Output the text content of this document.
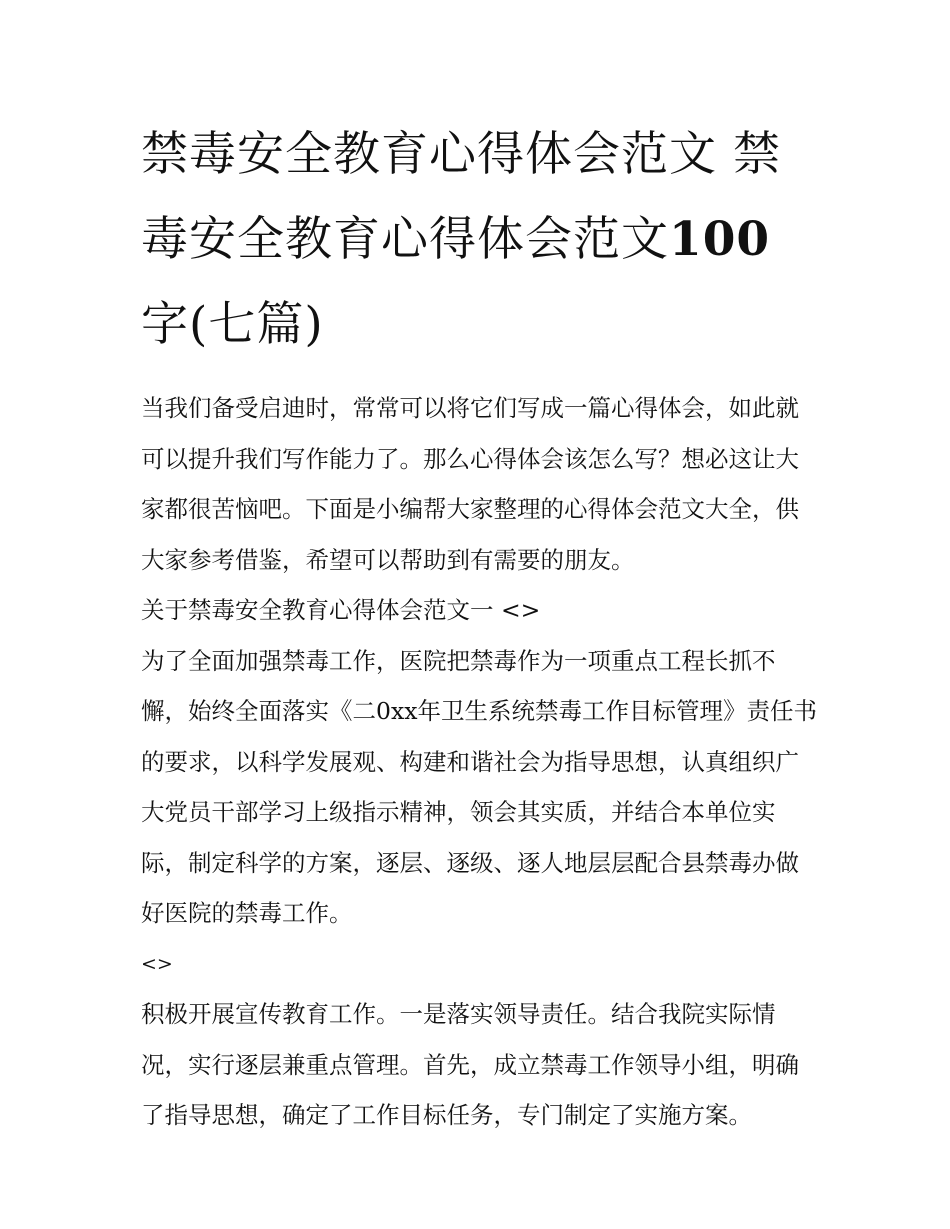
禁毒安全教育心得体会范文 禁
毒安全教育心得体会范文100
字(七篇)

当我们备受启迪时，常常可以将它们写成一篇心得体会，如此就可以提升我们写作能力了。那么心得体会该怎么写？想必这让大家都很苦恼吧。下面是小编帮大家整理的心得体会范文大全，供大家参考借鉴，希望可以帮助到有需要的朋友。

关于禁毒安全教育心得体会范文一 <>

为了全面加强禁毒工作，医院把禁毒作为一项重点工程长抓不懈，始终全面落实《二0xx年卫生系统禁毒工作目标管理》责任书的要求，以科学发展观、构建和谐社会为指导思想，认真组织广大党员干部学习上级指示精神，领会其实质，并结合本单位实际，制定科学的方案，逐层、逐级、逐人地层层配合县禁毒办做好医院的禁毒工作。

<>

积极开展宣传教育工作。一是落实领导责任。结合我院实际情况，实行逐层兼重点管理。首先，成立禁毒工作领导小组，明确了指导思想，确定了工作目标任务，专门制定了实施方案。
